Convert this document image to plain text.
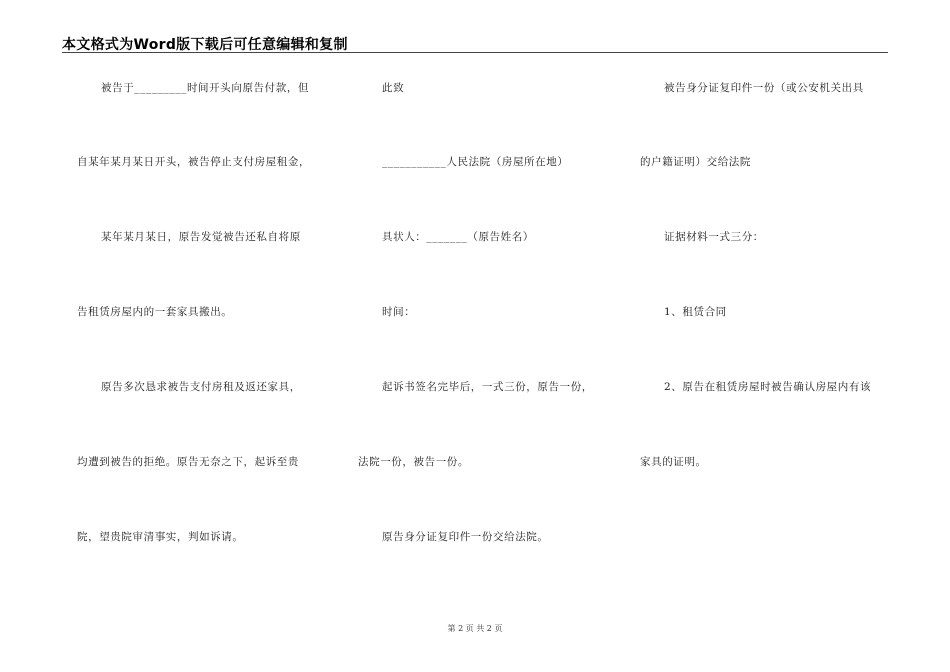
本文格式为Word版下载后可任意编辑和复制
被告于_________时间开头向原告付款，但
自某年某月某日开头，被告停止支付房屋租金，
某年某月某日，原告发觉被告还私自将原
告租赁房屋内的一套家具搬出。
原告多次恳求被告支付房租及返还家具，
均遭到被告的拒绝。原告无奈之下，起诉至贵
院，望贵院审清事实，判如诉请。
此致
___________人民法院（房屋所在地）
具状人：_______（原告姓名）
时间：
起诉书签名完毕后，一式三份，原告一份，
法院一份，被告一份。
原告身分证复印件一份交给法院。
被告身分证复印件一份（或公安机关出具
的户籍证明）交给法院
证据材料一式三分：
1、租赁合同
2、原告在租赁房屋时被告确认房屋内有该
家具的证明。
第 2 页 共 2 页
